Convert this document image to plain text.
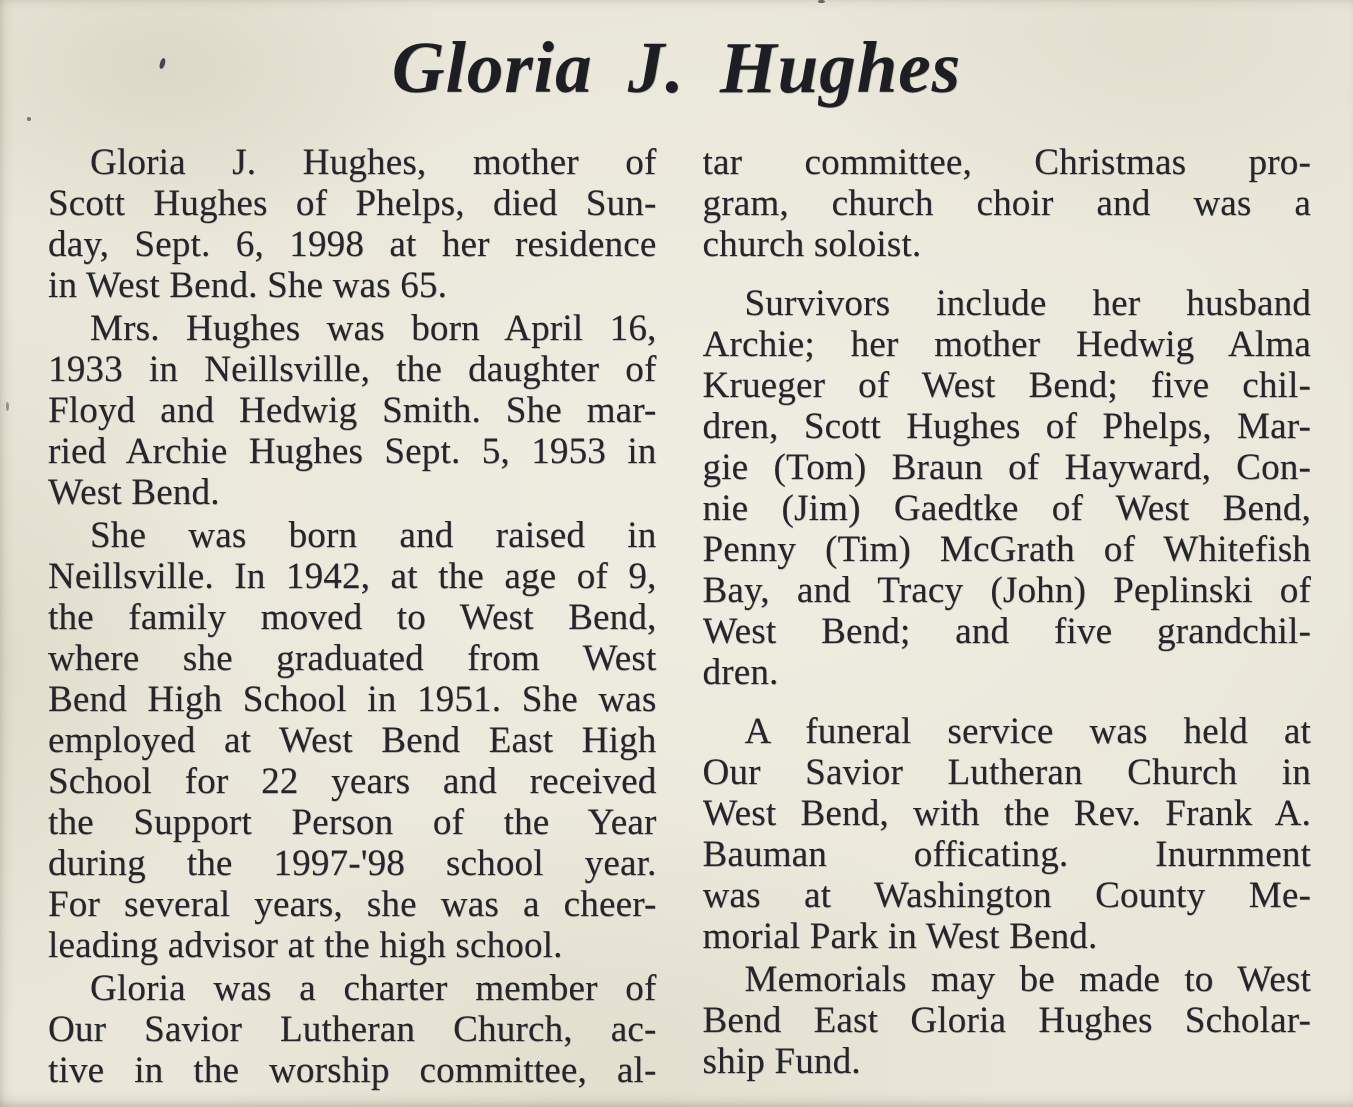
Gloria J. Hughes

Gloria J. Hughes, mother of
Scott Hughes of Phelps, died Sun-
day, Sept. 6, 1998 at her residence
in West Bend. She was 65.

Mrs. Hughes was born April 16,
1933 in Neillsville, the daughter of
Floyd and Hedwig Smith. She mar-
ried Archie Hughes Sept. 5, 1953 in
West Bend.

She was born and raised in
Neillsville. In 1942, at the age of 9,
the family moved to West Bend,
where she graduated from West
Bend High School in 1951. She was
employed at West Bend East High
School for 22 years and received
the Support Person of the Year
during the 1997-'98 school year.
For several years, she was a cheer-
leading advisor at the high school.

Gloria was a charter member of
Our Savior Lutheran Church, ac-
tive in the worship committee, al-

tar committee, Christmas pro-
gram, church choir and was a
church soloist.

Survivors include her husband
Archie; her mother Hedwig Alma
Krueger of West Bend; five chil-
dren, Scott Hughes of Phelps, Mar-
gie (Tom) Braun of Hayward, Con-
nie (Jim) Gaedtke of West Bend,
Penny (Tim) McGrath of Whitefish
Bay, and Tracy (John) Peplinski of
West Bend; and five grandchil-
dren.

A funeral service was held at
Our Savior Lutheran Church in
West Bend, with the Rev. Frank A.
Bauman officating. Inurnment
was at Washington County Me-
morial Park in West Bend.

Memorials may be made to West
Bend East Gloria Hughes Scholar-
ship Fund.
